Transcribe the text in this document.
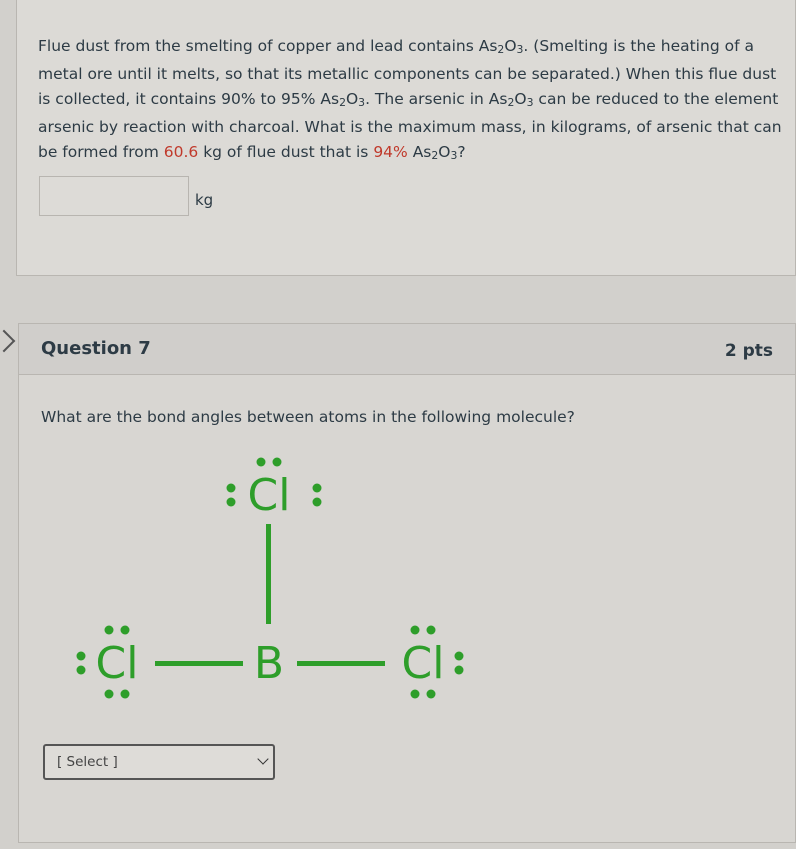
Flue dust from the smelting of copper and lead contains $As_2O_3$. (Smelting is the heating of a metal ore until it melts, so that its metallic components can be separated.) When this flue dust is collected, it contains 90% to 95% $As_2O_3$. The arsenic in $As_2O_3$ can be reduced to the element arsenic by reaction with charcoal. What is the maximum mass, in kilograms, of arsenic that can be formed from 60.6 kg of flue dust that is 94% $As_2O_3$?
kg
Question 7	2 pts
What are the bond angles between atoms in the following molecule?
Cl
B
Cl	Cl
[ Select ]
